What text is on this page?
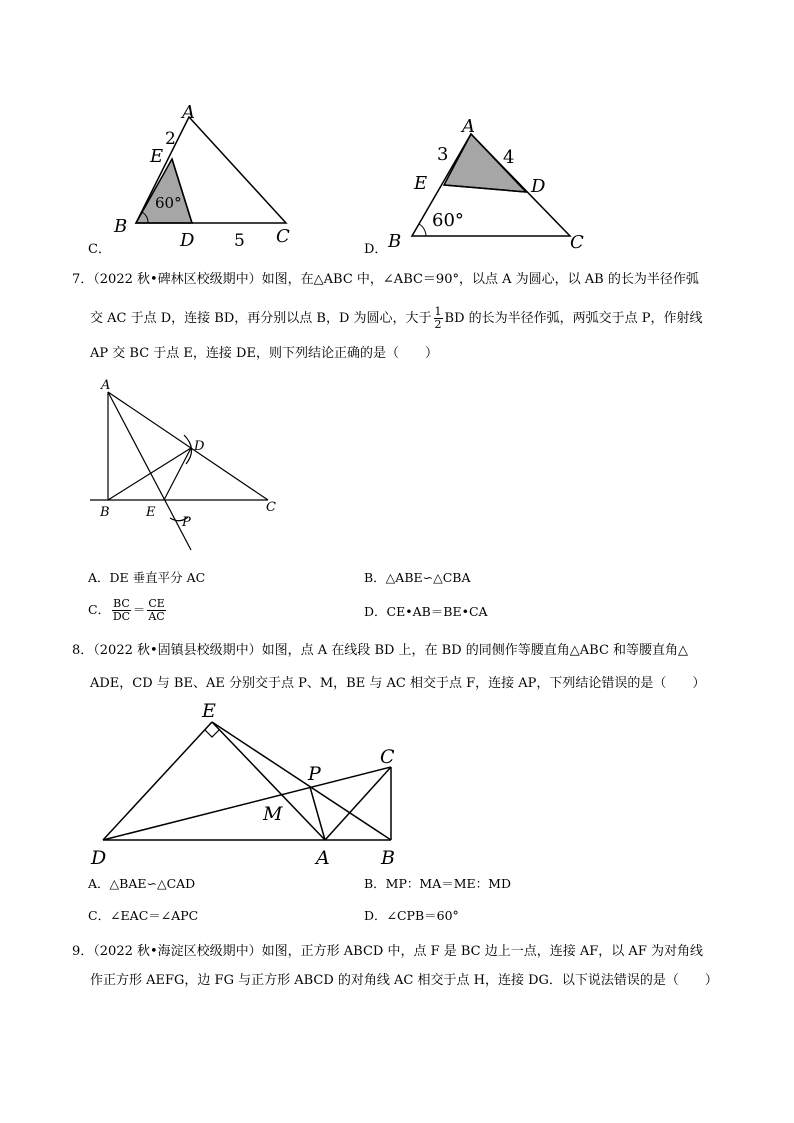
C．
A
2
E
60°
B
D 5 C
D．
A
3	4
E	D
60°
B	C
7．（2022 秋•碑林区校级期中）如图，在△ABC 中，∠ABC＝90°，以点 A 为圆心，以 AB 的长为半径作弧
交 AC 于点 D，连接 BD，再分别以点 B，D 为圆心，大于 $\frac{1}{2}$ BD 的长为半径作弧，两弧交于点 P，作射线
AP 交 BC 于点 E，连接 DE，则下列结论正确的是（　　）
A
D
B	E
P
C
A．DE 垂直平分 AC	B．△ABE∽△CBA
C． $\frac{BC}{DC} = \frac{CE}{AC}$	D．CE•AB＝BE•CA
8．（2022 秋•固镇县校级期中）如图，点 A 在线段 BD 上，在 BD 的同侧作等腰直角△ABC 和等腰直角△
ADE，CD 与 BE、AE 分别交于点 P、M，BE 与 AC 相交于点 F，连接 AP，下列结论错误的是（　　）
E
C
P
M
D	A	B
A．△BAE∽△CAD	B．MP：MA＝ME：MD
C．∠EAC＝∠APC	D．∠CPB＝60°
9．（2022 秋•海淀区校级期中）如图，正方形 ABCD 中，点 F 是 BC 边上一点，连接 AF，以 AF 为对角线
作正方形 AEFG，边 FG 与正方形 ABCD 的对角线 AC 相交于点 H，连接 DG．以下说法错误的是（　　）
